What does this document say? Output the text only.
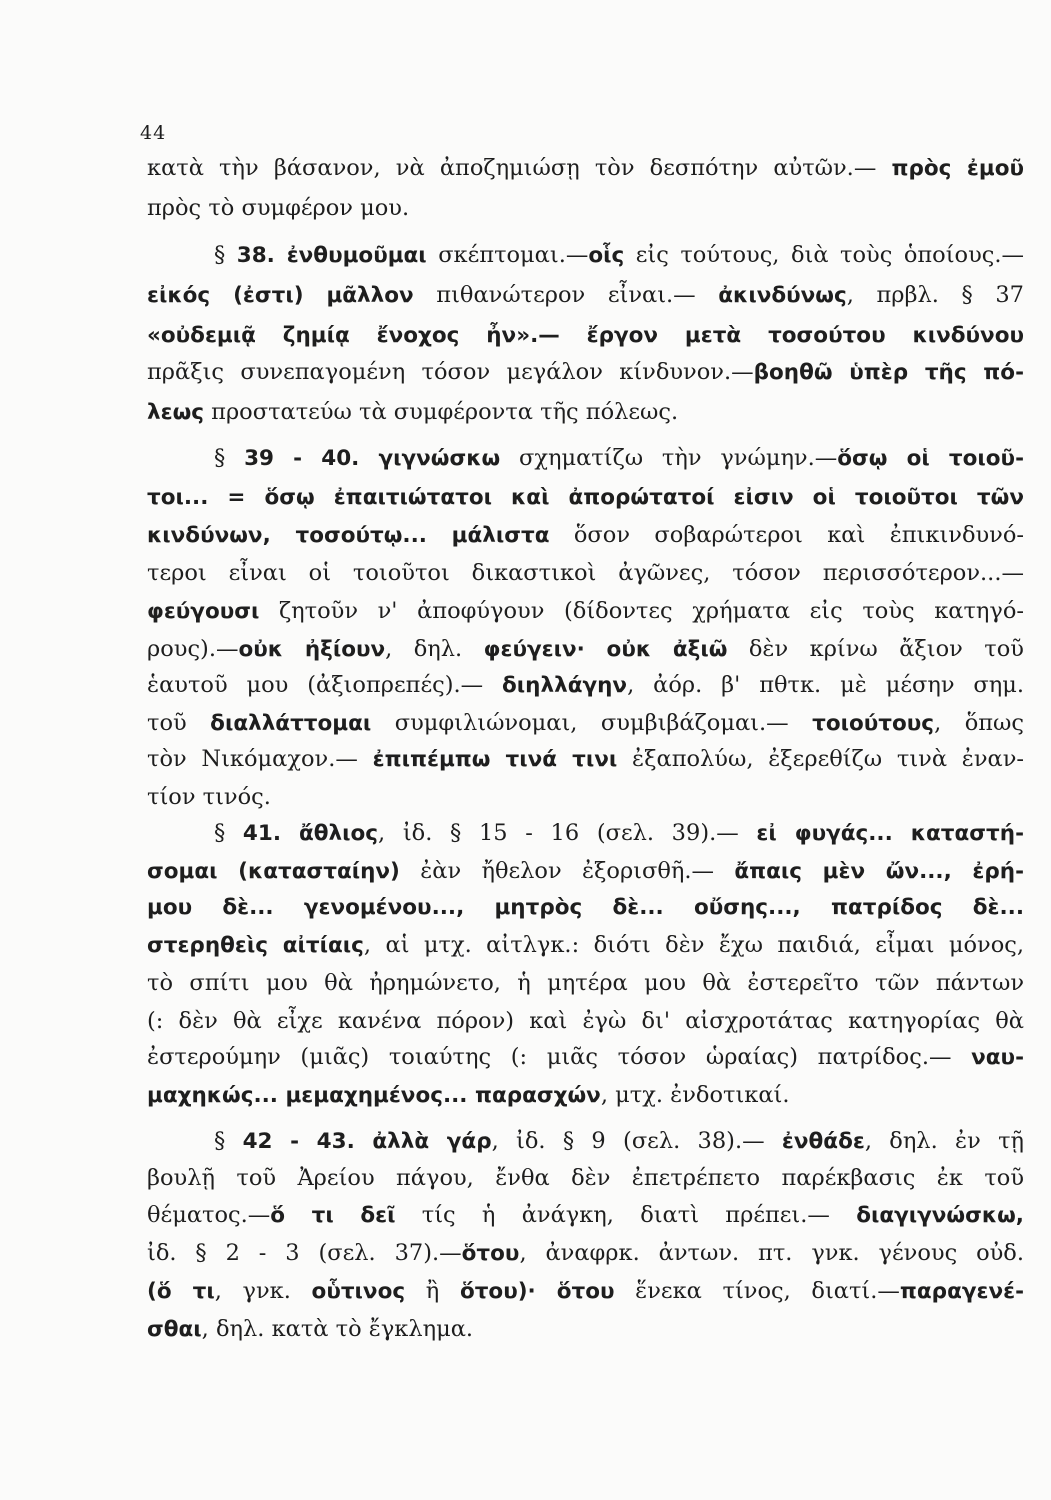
44
κατὰ τὴν βάσανον, νὰ ἀποζημιώσῃ τὸν δεσπότην αὐτῶν.— πρὸς ἐμοῦ
πρὸς τὸ συμφέρον μου.
§ 38. ἐνθυμοῦμαι σκέπτομαι.—οἷς εἰς τούτους, διὰ τοὺς ὁποίους.—
εἰκός (ἐστι) μᾶλλον πιθανώτερον εἶναι.— ἀκινδύνως, πρβλ. § 37
«οὐδεμιᾷ ζημίᾳ ἔνοχος ἦν».— ἔργον μετὰ τοσούτου κινδύνου
πρᾶξις συνεπαγομένη τόσον μεγάλον κίνδυνον.—βοηθῶ ὑπὲρ τῆς πό-
λεως προστατεύω τὰ συμφέροντα τῆς πόλεως.
§ 39 - 40. γιγνώσκω σχηματίζω τὴν γνώμην.—ὅσῳ οἱ τοιοῦ-
τοι... = ὅσῳ ἐπαιτιώτατοι καὶ ἀπορώτατοί εἰσιν οἱ τοιοῦτοι τῶν
κινδύνων, τοσούτῳ... μάλιστα ὅσον σοβαρώτεροι καὶ ἐπικινδυνό-
τεροι εἶναι οἱ τοιοῦτοι δικαστικοὶ ἀγῶνες, τόσον περισσότερον...—
φεύγουσι ζητοῦν ν' ἀποφύγουν (δίδοντες χρήματα εἰς τοὺς κατηγό-
ρους).—οὐκ ἠξίουν, δηλ. φεύγειν· οὐκ ἀξιῶ δὲν κρίνω ἄξιον τοῦ
ἑαυτοῦ μου (ἀξιοπρεπές).— διηλλάγην, ἀόρ. β' πθτκ. μὲ μέσην σημ.
τοῦ διαλλάττομαι συμφιλιώνομαι, συμβιβάζομαι.— τοιούτους, ὅπως
τὸν Νικόμαχον.— ἐπιπέμπω τινά τινι ἐξαπολύω, ἐξερεθίζω τινὰ ἐναν-
τίον τινός.
§ 41. ἄθλιος, ἰδ. § 15 - 16 (σελ. 39).— εἰ φυγάς... καταστή-
σομαι (κατασταίην) ἐὰν ἤθελον ἐξορισθῆ.— ἄπαις μὲν ὤν..., ἐρή-
μου δὲ... γενομένου..., μητρὸς δὲ... οὔσης..., πατρίδος δὲ...
στερηθεὶς αἰτίαις, αἱ μτχ. αἰτλγκ.: διότι δὲν ἔχω παιδιά, εἶμαι μόνος,
τὸ σπίτι μου θὰ ἠρημώνετο, ἡ μητέρα μου θὰ ἐστερεῖτο τῶν πάντων
(: δὲν θὰ εἶχε κανένα πόρον) καὶ ἐγὼ δι' αἰσχροτάτας κατηγορίας θὰ
ἐστερούμην (μιᾶς) τοιαύτης (: μιᾶς τόσον ὡραίας) πατρίδος.— ναυ-
μαχηκώς... μεμαχημένος... παρασχών, μτχ. ἐνδοτικαί.
§ 42 - 43. ἀλλὰ γάρ, ἰδ. § 9 (σελ. 38).— ἐνθάδε, δηλ. ἐν τῇ
βουλῇ τοῦ Ἀρείου πάγου, ἔνθα δὲν ἐπετρέπετο παρέκβασις ἐκ τοῦ
θέματος.—ὅ τι δεῖ τίς ἡ ἀνάγκη, διατὶ πρέπει.— διαγιγνώσκω,
ἰδ. § 2 - 3 (σελ. 37).—ὅτου, ἀναφρκ. ἀντων. πτ. γνκ. γένους οὐδ.
(ὅ τι, γνκ. οὗτινος ἢ ὅτου)· ὅτου ἕνεκα τίνος, διατί.—παραγενέ-
σθαι, δηλ. κατὰ τὸ ἔγκλημα.
